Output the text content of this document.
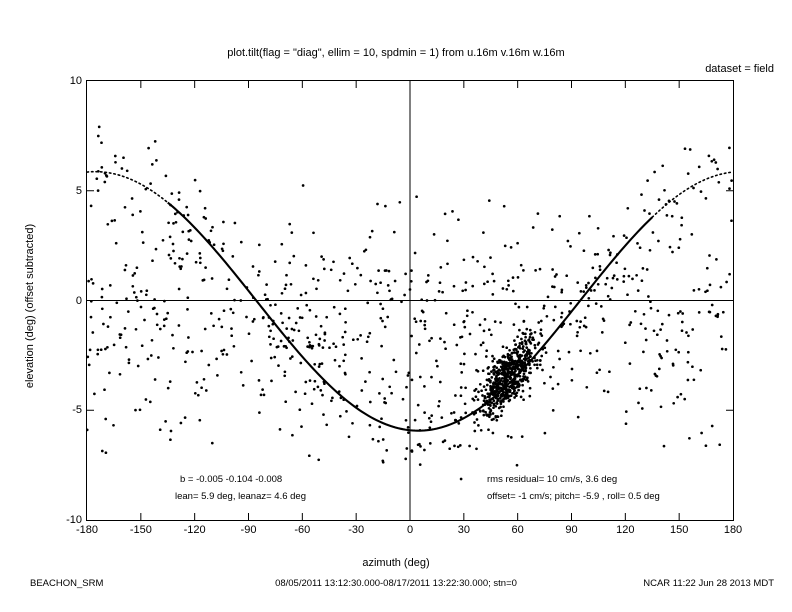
plot.tilt(flag = "diag", ellim = 10, spdmin = 1) from u.16m v.16m w.16m
dataset = field
-180	-150	-120	-90	-60	-30	0	30	60	90	120	150	180
-10
-5
0
5
10
azimuth (deg)
elevation (deg) (offset subtracted)
b = -0.005 -0.104 -0.008
lean= 5.9 deg, leanaz= 4.6 deg
rms residual= 10 cm/s, 3.6 deg
offset= -1 cm/s; pitch= -5.9 , roll= 0.5 deg
BEACHON_SRM	08/05/2011 13:12:30.000-08/17/2011 13:22:30.000; stn=0	NCAR 11:22 Jun 28 2013 MDT
